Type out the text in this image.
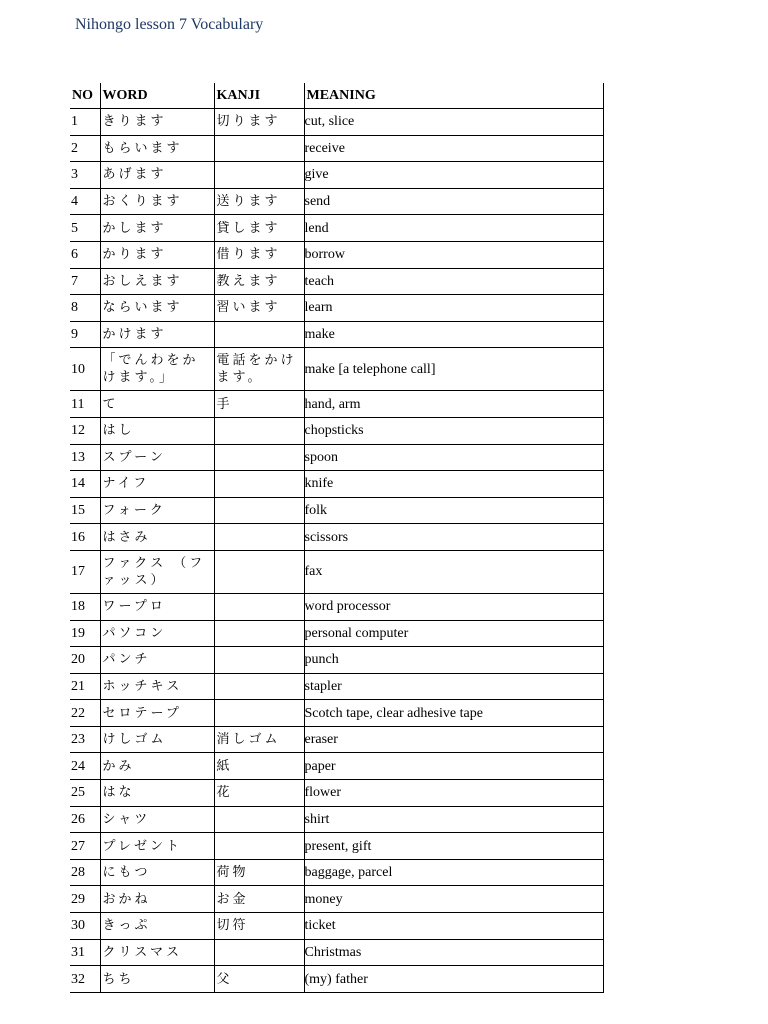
Nihongo lesson 7 Vocabulary
NO	WORD	KANJI	MEANING
1	きります	切ります	cut, slice
2	もらいます		receive
3	あげます		give
4	おくります	送ります	send
5	かします	貸します	lend
6	かります	借ります	borrow
7	おしえます	教えます	teach
8	ならいます	習います	learn
9	かけます		make
10	「でんわをかけます。」	電話をかけます。	make [a telephone call]
11	て	手	hand, arm
12	はし		chopsticks
13	スプーン		spoon
14	ナイフ		knife
15	フォーク		folk
16	はさみ		scissors
17	ファクス （ファッス）		fax
18	ワープロ		word processor
19	パソコン		personal computer
20	パンチ		punch
21	ホッチキス		stapler
22	セロテープ		Scotch tape, clear adhesive tape
23	けしゴム	消しゴム	eraser
24	かみ	紙	paper
25	はな	花	flower
26	シャツ		shirt
27	プレゼント		present, gift
28	にもつ	荷物	baggage, parcel
29	おかね	お金	money
30	きっぷ	切符	ticket
31	クリスマス		Christmas
32	ちち	父	(my) father
